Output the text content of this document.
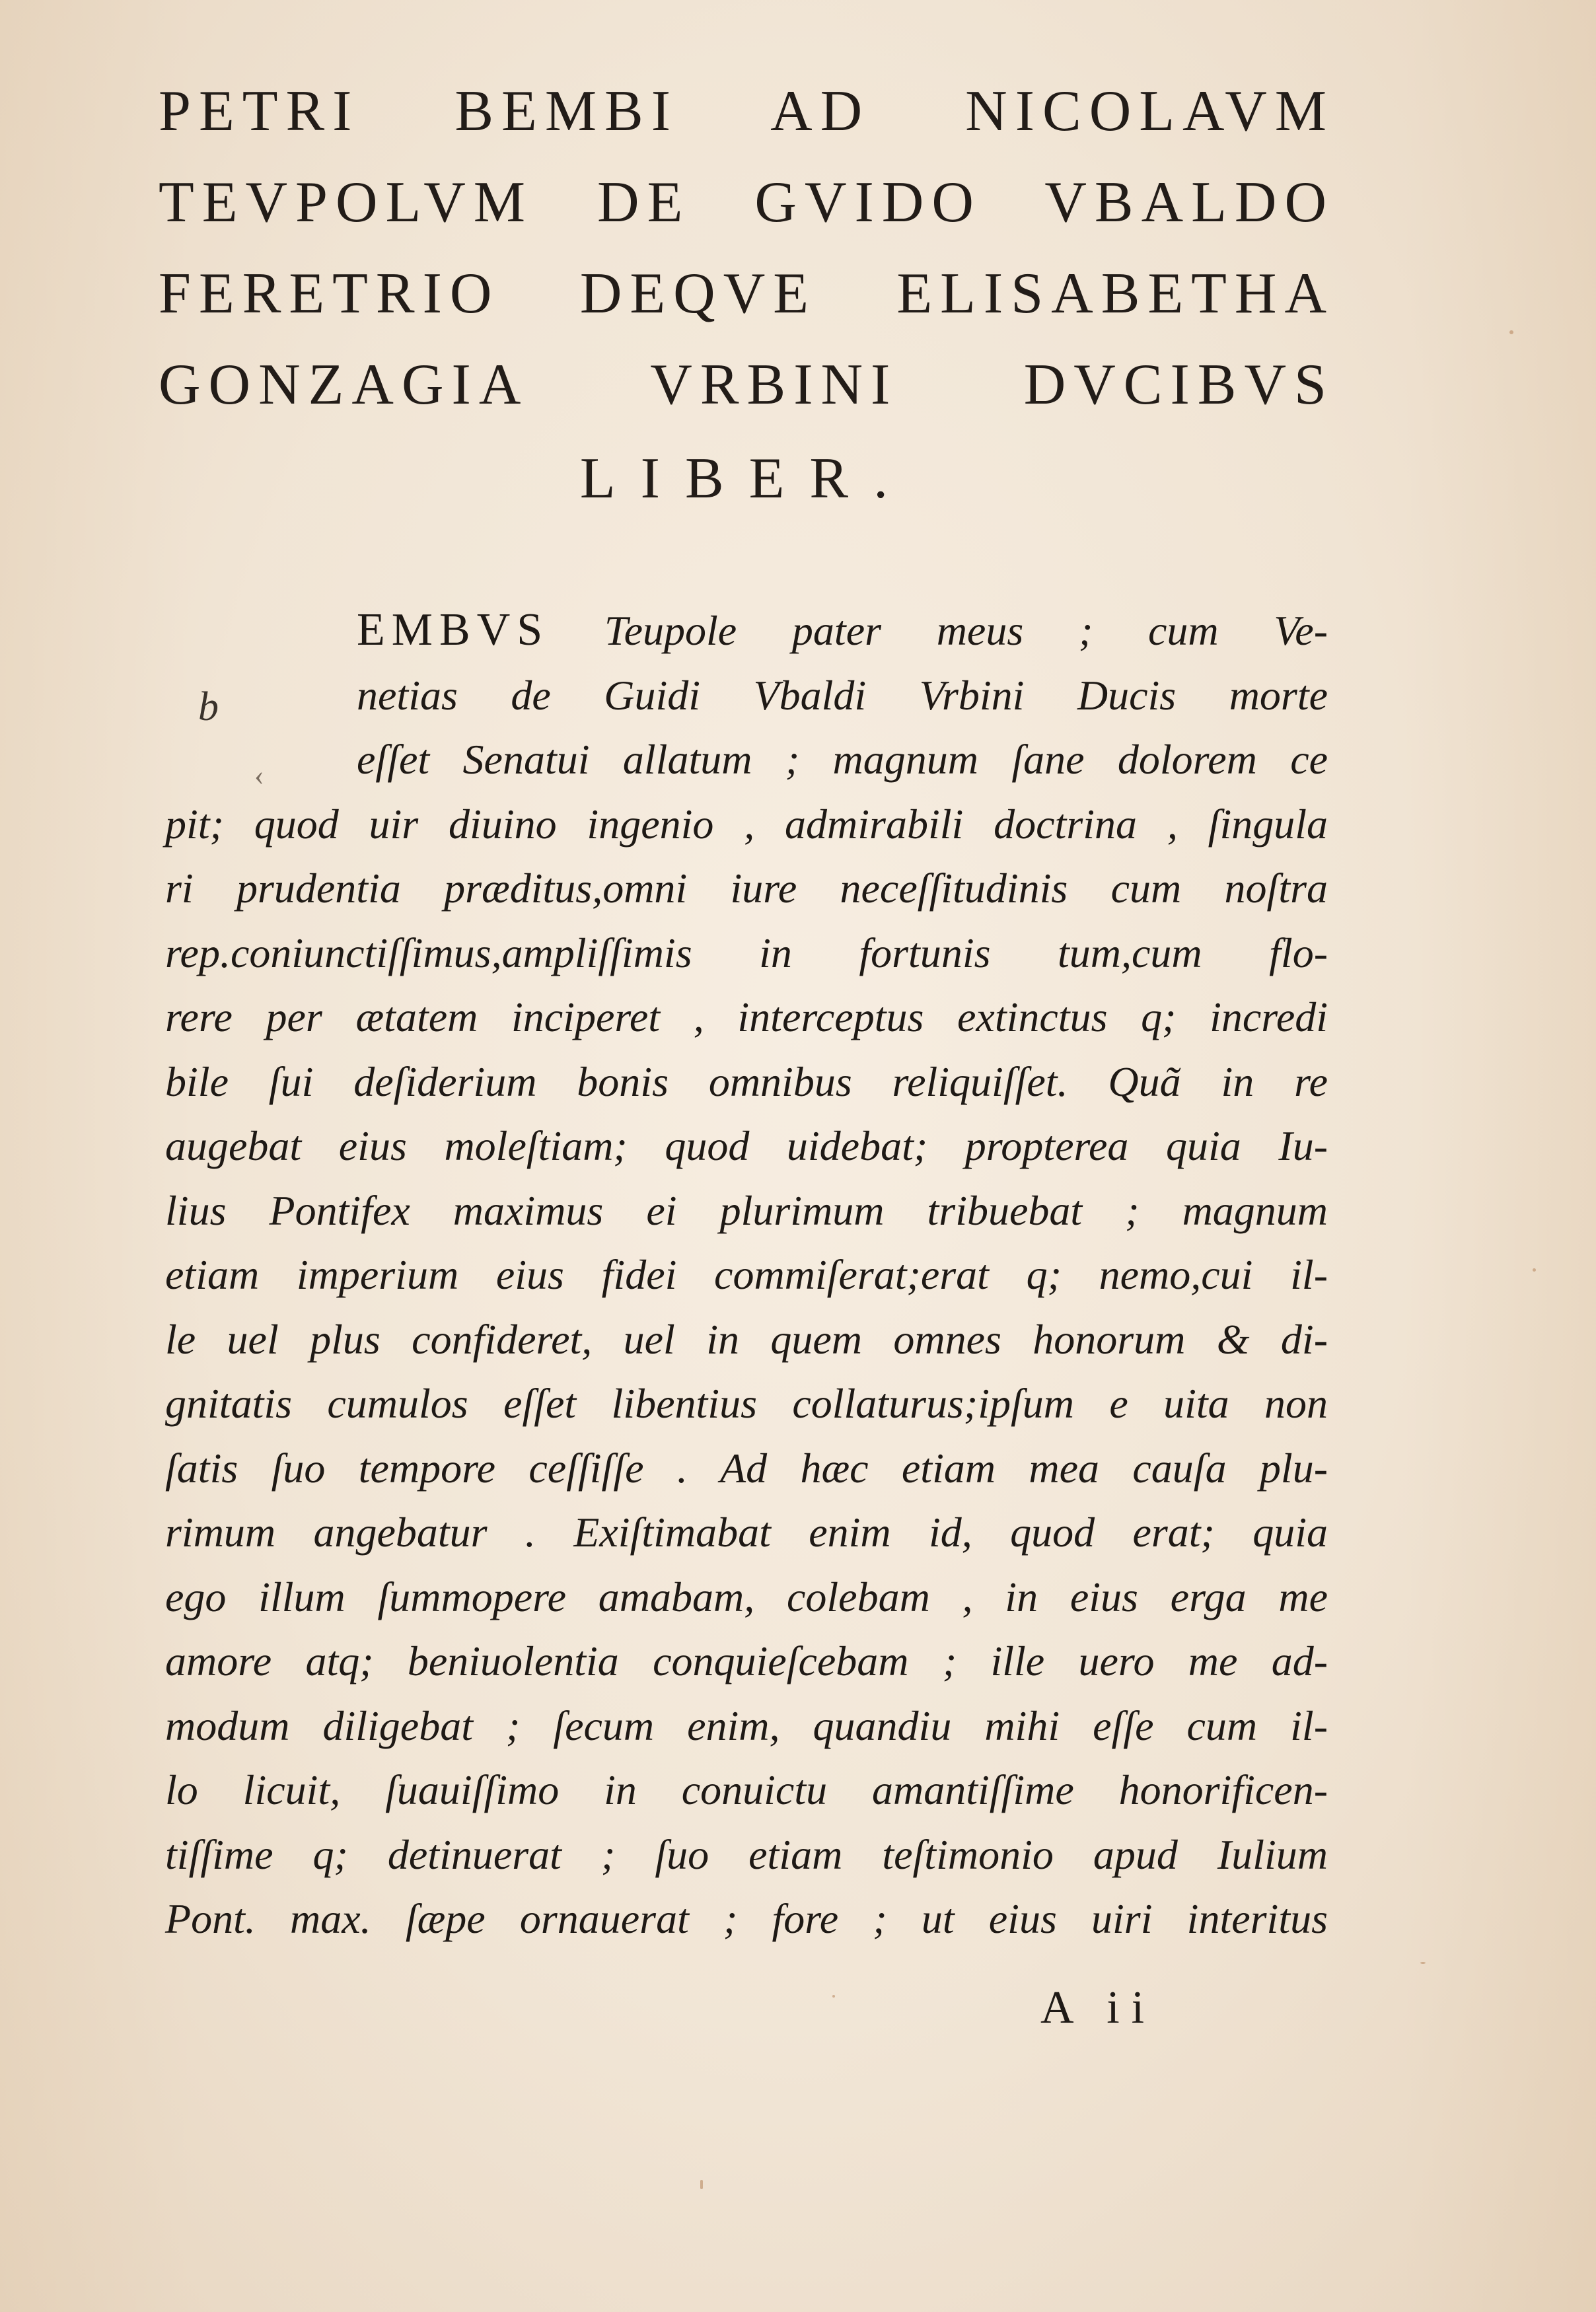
PETRI BEMBI AD NICOLAVM
TEVPOLVM DE GVIDO VBALDO
FERETRIO DEQVE ELISABETHA
GONZAGIA VRBINI DVCIBVS
LIBER.
b
‹
EMBVS Teupole pater meus ; cum Ve-
netias de Guidi Vbaldi Vrbini Ducis morte
eſſet Senatui allatum ; magnum ſane dolorem ce
pit; quod uir diuino ingenio , admirabili doctrina , ſingula
ri prudentia præditus,omni iure neceſſitudinis cum noſtra
rep.coniunctiſſimus,ampliſſimis in fortunis tum,cum flo-
rere per ætatem inciperet , interceptus extinctus q; incredi
bile ſui deſiderium bonis omnibus reliquiſſet. Quã in re
augebat eius moleſtiam; quod uidebat; propterea quia Iu-
lius Pontifex maximus ei plurimum tribuebat ; magnum
etiam imperium eius fidei commiſerat;erat q; nemo,cui il-
le uel plus confideret, uel in quem omnes honorum & di-
gnitatis cumulos eſſet libentius collaturus;ipſum e uita non
ſatis ſuo tempore ceſſiſſe . Ad hæc etiam mea cauſa plu-
rimum angebatur . Exiſtimabat enim id, quod erat; quia
ego illum ſummopere amabam, colebam , in eius erga me
amore atq; beniuolentia conquieſcebam ; ille uero me ad-
modum diligebat ; ſecum enim, quandiu mihi eſſe cum il-
lo licuit, ſuauiſſimo in conuictu amantiſſime honorificen-
tiſſime q; detinuerat ; ſuo etiam teſtimonio apud Iulium
Pont. max. ſæpe ornauerat ; fore ; ut eius uiri interitus
A ii
